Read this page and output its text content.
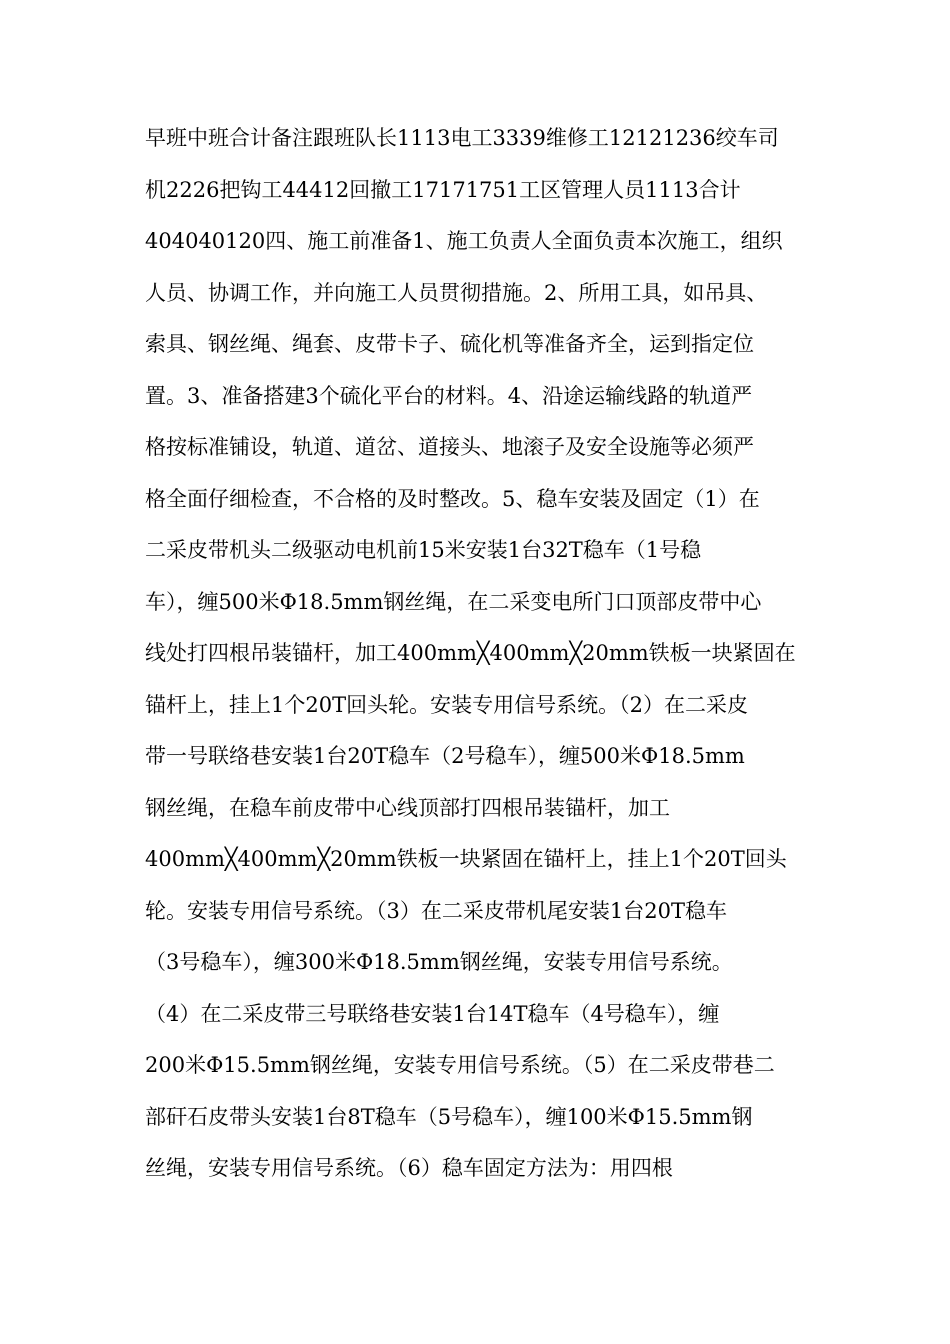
早班中班合计备注跟班队长1113电工3339维修工12121236绞车司
机2226把钩工44412回撤工17171751工区管理人员1113合计
404040120四、施工前准备1、施工负责人全面负责本次施工，组织
人员、协调工作，并向施工人员贯彻措施。2、所用工具，如吊具、
索具、钢丝绳、绳套、皮带卡子、硫化机等准备齐全，运到指定位
置。3、准备搭建3个硫化平台的材料。4、沿途运输线路的轨道严
格按标准铺设，轨道、道岔、道接头、地滚子及安全设施等必须严
格全面仔细检查，不合格的及时整改。5、稳车安装及固定（1）在
二采皮带机头二级驱动电机前15米安装1台32T稳车（1号稳
车），缠500米Φ18.5mm钢丝绳，在二采变电所门口顶部皮带中心
线处打四根吊装锚杆，加工400mm╳400mm╳20mm铁板一块紧固在
锚杆上，挂上1个20T回头轮。安装专用信号系统。（2）在二采皮
带一号联络巷安装1台20T稳车（2号稳车），缠500米Φ18.5mm
钢丝绳，在稳车前皮带中心线顶部打四根吊装锚杆，加工
400mm╳400mm╳20mm铁板一块紧固在锚杆上，挂上1个20T回头
轮。安装专用信号系统。（3）在二采皮带机尾安装1台20T稳车
（3号稳车），缠300米Φ18.5mm钢丝绳，安装专用信号系统。
（4）在二采皮带三号联络巷安装1台14T稳车（4号稳车），缠
200米Φ15.5mm钢丝绳，安装专用信号系统。（5）在二采皮带巷二
部矸石皮带头安装1台8T稳车（5号稳车），缠100米Φ15.5mm钢
丝绳，安装专用信号系统。（6）稳车固定方法为：用四根
